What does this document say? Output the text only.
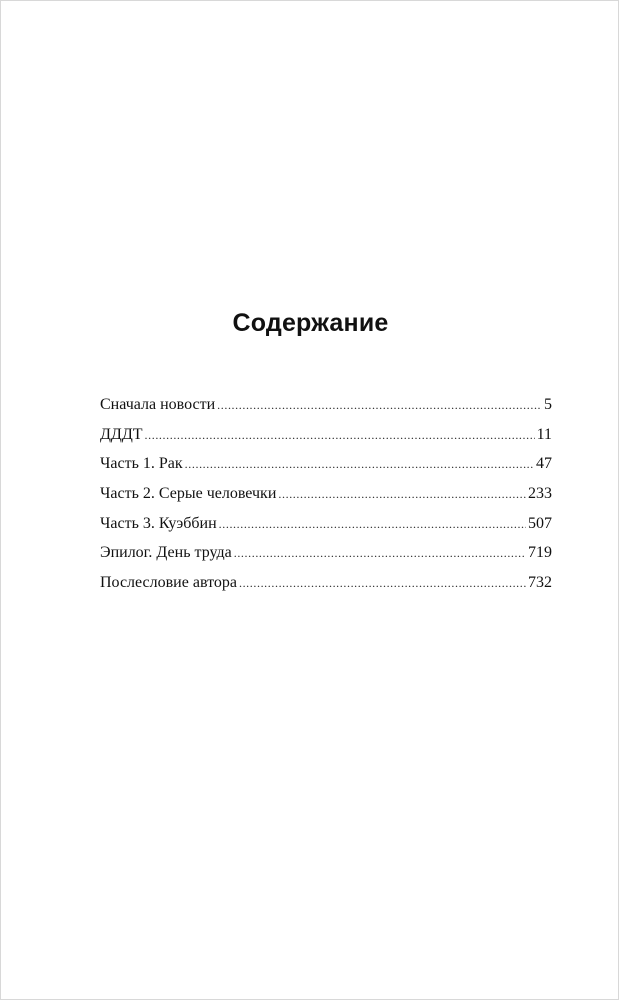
Содержание
Сначала новости .....	5
ДДДТ .....	11
Часть 1. Рак .....	47
Часть 2. Серые человечки .....	233
Часть 3. Куэббин .....	507
Эпилог. День труда .....	719
Послесловие автора .....	732
